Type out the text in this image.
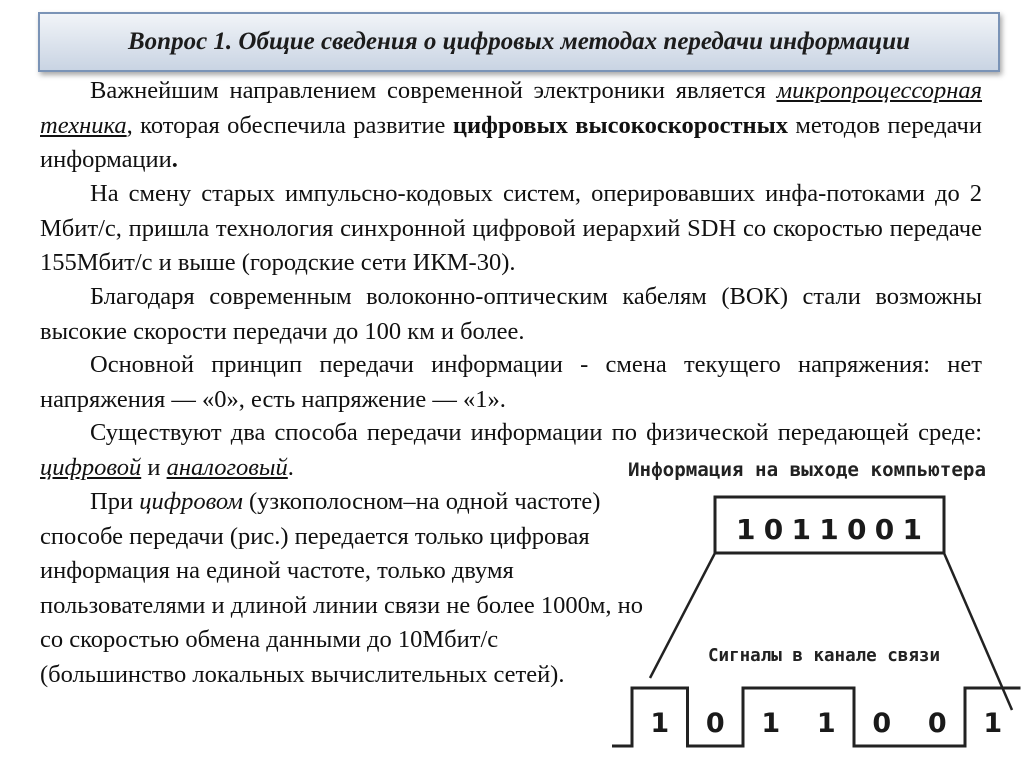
Вопрос 1. Общие сведения о цифровых методах передачи информации

Важнейшим направлением современной электроники является микропроцессорная техника, которая обеспечила развитие цифровых высокоскоростных методов передачи информации.

На смену старых импульсно-кодовых систем, оперировавших инфа-потоками до 2 Мбит/с, пришла технология синхронной цифровой иерархий SDH со скоростью передаче 155Мбит/с и выше (городские сети ИКМ-30).

Благодаря современным волоконно-оптическим кабелям (ВОК) стали возможны высокие скорости передачи до 100 км и более.

Основной принцип передачи информации - смена текущего напряжения: нет напряжения — «0», есть напряжение — «1».

Существуют два способа передачи информации по физической передающей среде: цифровой и аналоговый.

При цифровом (узкополосном–на одной частоте) способе передачи (рис.) передается только цифровая информация на единой частоте, только двумя пользователями и длиной линии связи не более 1000м, но со скоростью обмена данными до 10Мбит/с (большинство локальных вычислительных сетей).

Информация на выходе компьютера
1 0 1 1 0 0 1
Сигналы в канале связи
1 0 1 1 0 0 1
